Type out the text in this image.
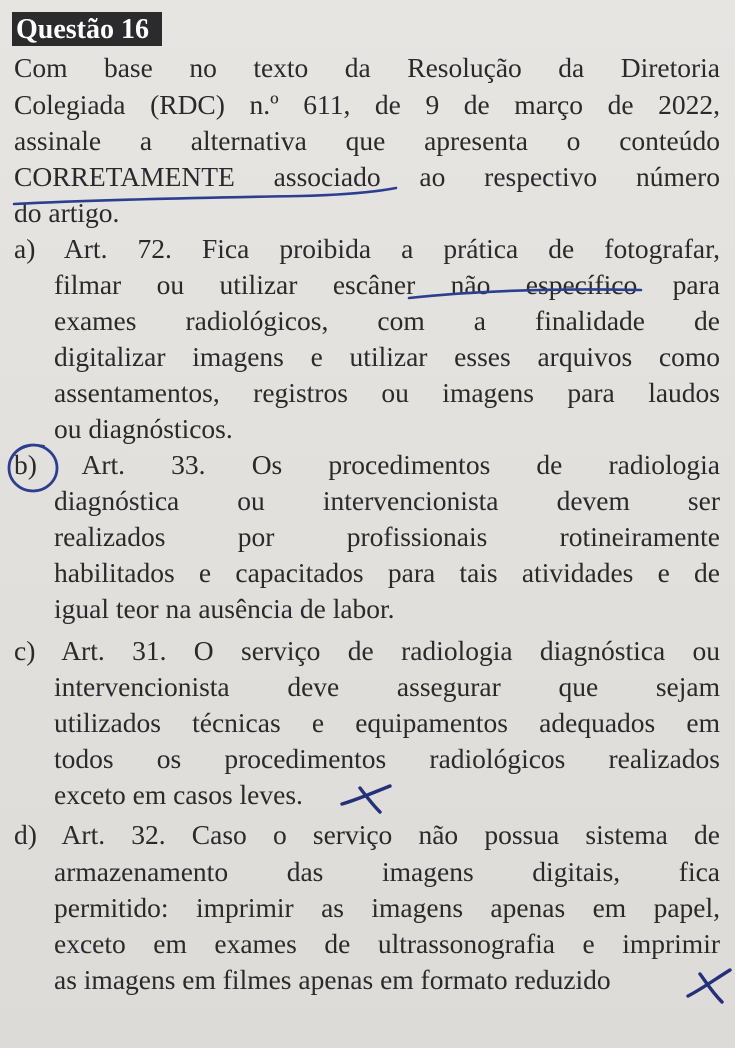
Questão 16
Com base no texto da Resolução da Diretoria
Colegiada (RDC) n.º 611, de 9 de março de 2022,
assinale a alternativa que apresenta o conteúdo
CORRETAMENTE associado ao respectivo número
do artigo.
a) Art. 72. Fica proibida a prática de fotografar,
filmar ou utilizar escâner não específico para
exames radiológicos, com a finalidade de
digitalizar imagens e utilizar esses arquivos como
assentamentos, registros ou imagens para laudos
ou diagnósticos.
b) Art. 33. Os procedimentos de radiologia
diagnóstica ou intervencionista devem ser
realizados por profissionais rotineiramente
habilitados e capacitados para tais atividades e de
igual teor na ausência de labor.
c) Art. 31. O serviço de radiologia diagnóstica ou
intervencionista deve assegurar que sejam
utilizados técnicas e equipamentos adequados em
todos os procedimentos radiológicos realizados
exceto em casos leves.
d) Art. 32. Caso o serviço não possua sistema de
armazenamento das imagens digitais, fica
permitido: imprimir as imagens apenas em papel,
exceto em exames de ultrassonografia e imprimir
as imagens em filmes apenas em formato reduzido
